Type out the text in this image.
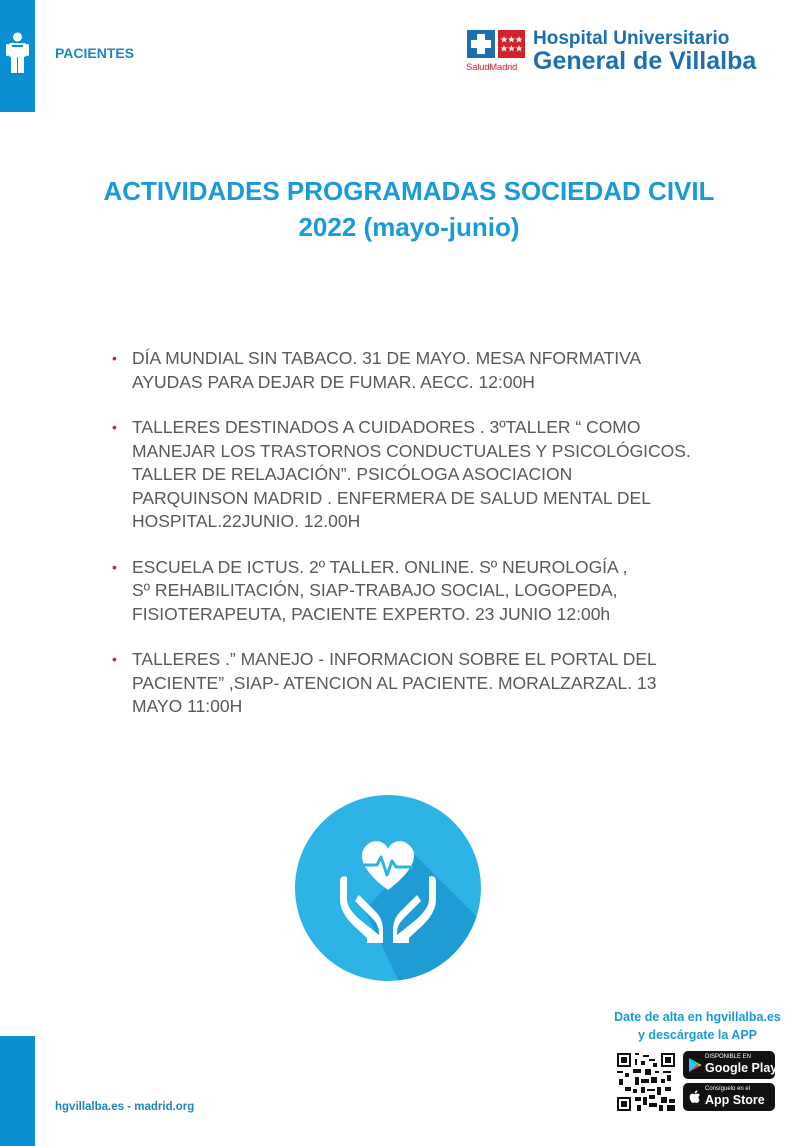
PACIENTES
SaludMadrid
Hospital Universitario
General de Villalba
ACTIVIDADES PROGRAMADAS SOCIEDAD CIVIL
2022 (mayo-junio)
• DÍA MUNDIAL SIN TABACO. 31 DE MAYO. MESA NFORMATIVA
AYUDAS PARA DEJAR DE FUMAR. AECC. 12:00H
• TALLERES DESTINADOS A CUIDADORES . 3ºTALLER “ COMO
MANEJAR LOS TRASTORNOS CONDUCTUALES Y PSICOLÓGICOS.
TALLER DE RELAJACIÓN”. PSICÓLOGA ASOCIACION
PARQUINSON MADRID . ENFERMERA DE SALUD MENTAL DEL
HOSPITAL.22JUNIO. 12.00H
• ESCUELA DE ICTUS. 2º TALLER. ONLINE. Sº NEUROLOGÍA ,
Sº REHABILITACIÓN, SIAP-TRABAJO SOCIAL, LOGOPEDA,
FISIOTERAPEUTA, PACIENTE EXPERTO. 23 JUNIO 12:00h
• TALLERES .” MANEJO - INFORMACION SOBRE EL PORTAL DEL
PACIENTE” ,SIAP- ATENCION AL PACIENTE. MORALZARZAL. 13
MAYO 11:00H
Date de alta en hgvillalba.es
y descárgate la APP
DISPONIBLE EN
Google Play
Consíguelo en el
App Store
hgvillalba.es - madrid.org
